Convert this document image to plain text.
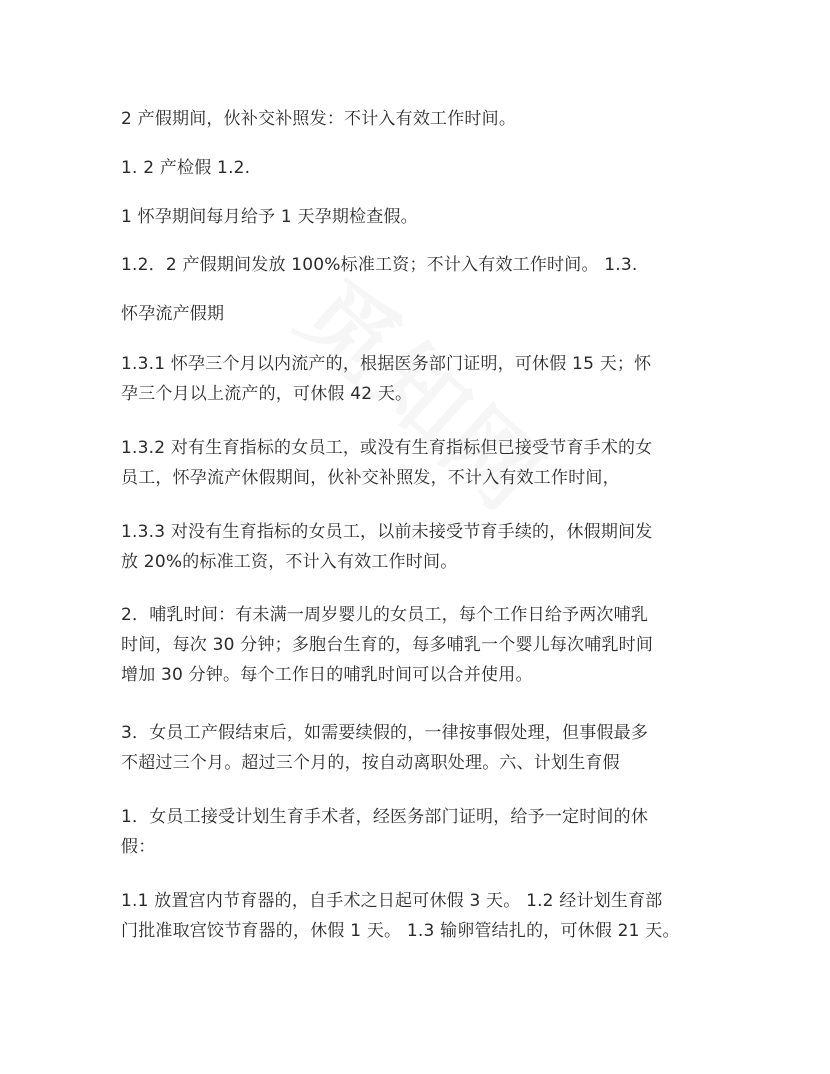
2 产假期间，伙补交补照发：不计入有效工作时间。

1. 2 产检假 1.2.

1 怀孕期间每月给予 1 天孕期检查假。

1.2．2 产假期间发放 100%标准工资；不计入有效工作时间。 1.3.

怀孕流产假期

1.3.1 怀孕三个月以内流产的，根据医务部门证明，可休假 15 天；怀
孕三个月以上流产的，可休假 42 天。

1.3.2 对有生育指标的女员工，或没有生育指标但已接受节育手术的女
员工，怀孕流产休假期间，伙补交补照发，不计入有效工作时间，

1.3.3 对没有生育指标的女员工，以前未接受节育手续的，休假期间发
放 20%的标准工资，不计入有效工作时间。

2．哺乳时间：有未满一周岁婴儿的女员工，每个工作日给予两次哺乳
时间，每次 30 分钟；多胞台生育的，每多哺乳一个婴儿每次哺乳时间
增加 30 分钟。每个工作日的哺乳时间可以合并使用。

3．女员工产假结束后，如需要续假的，一律按事假处理，但事假最多
不超过三个月。超过三个月的，按自动离职处理。六、计划生育假

1．女员工接受计划生育手术者，经医务部门证明，给予一定时间的休
假：

1.1 放置宫内节育器的，自手术之日起可休假 3 天。 1.2 经计划生育部
门批准取宫饺节育器的，休假 1 天。 1.3 输卵管结扎的，可休假 21 天。
